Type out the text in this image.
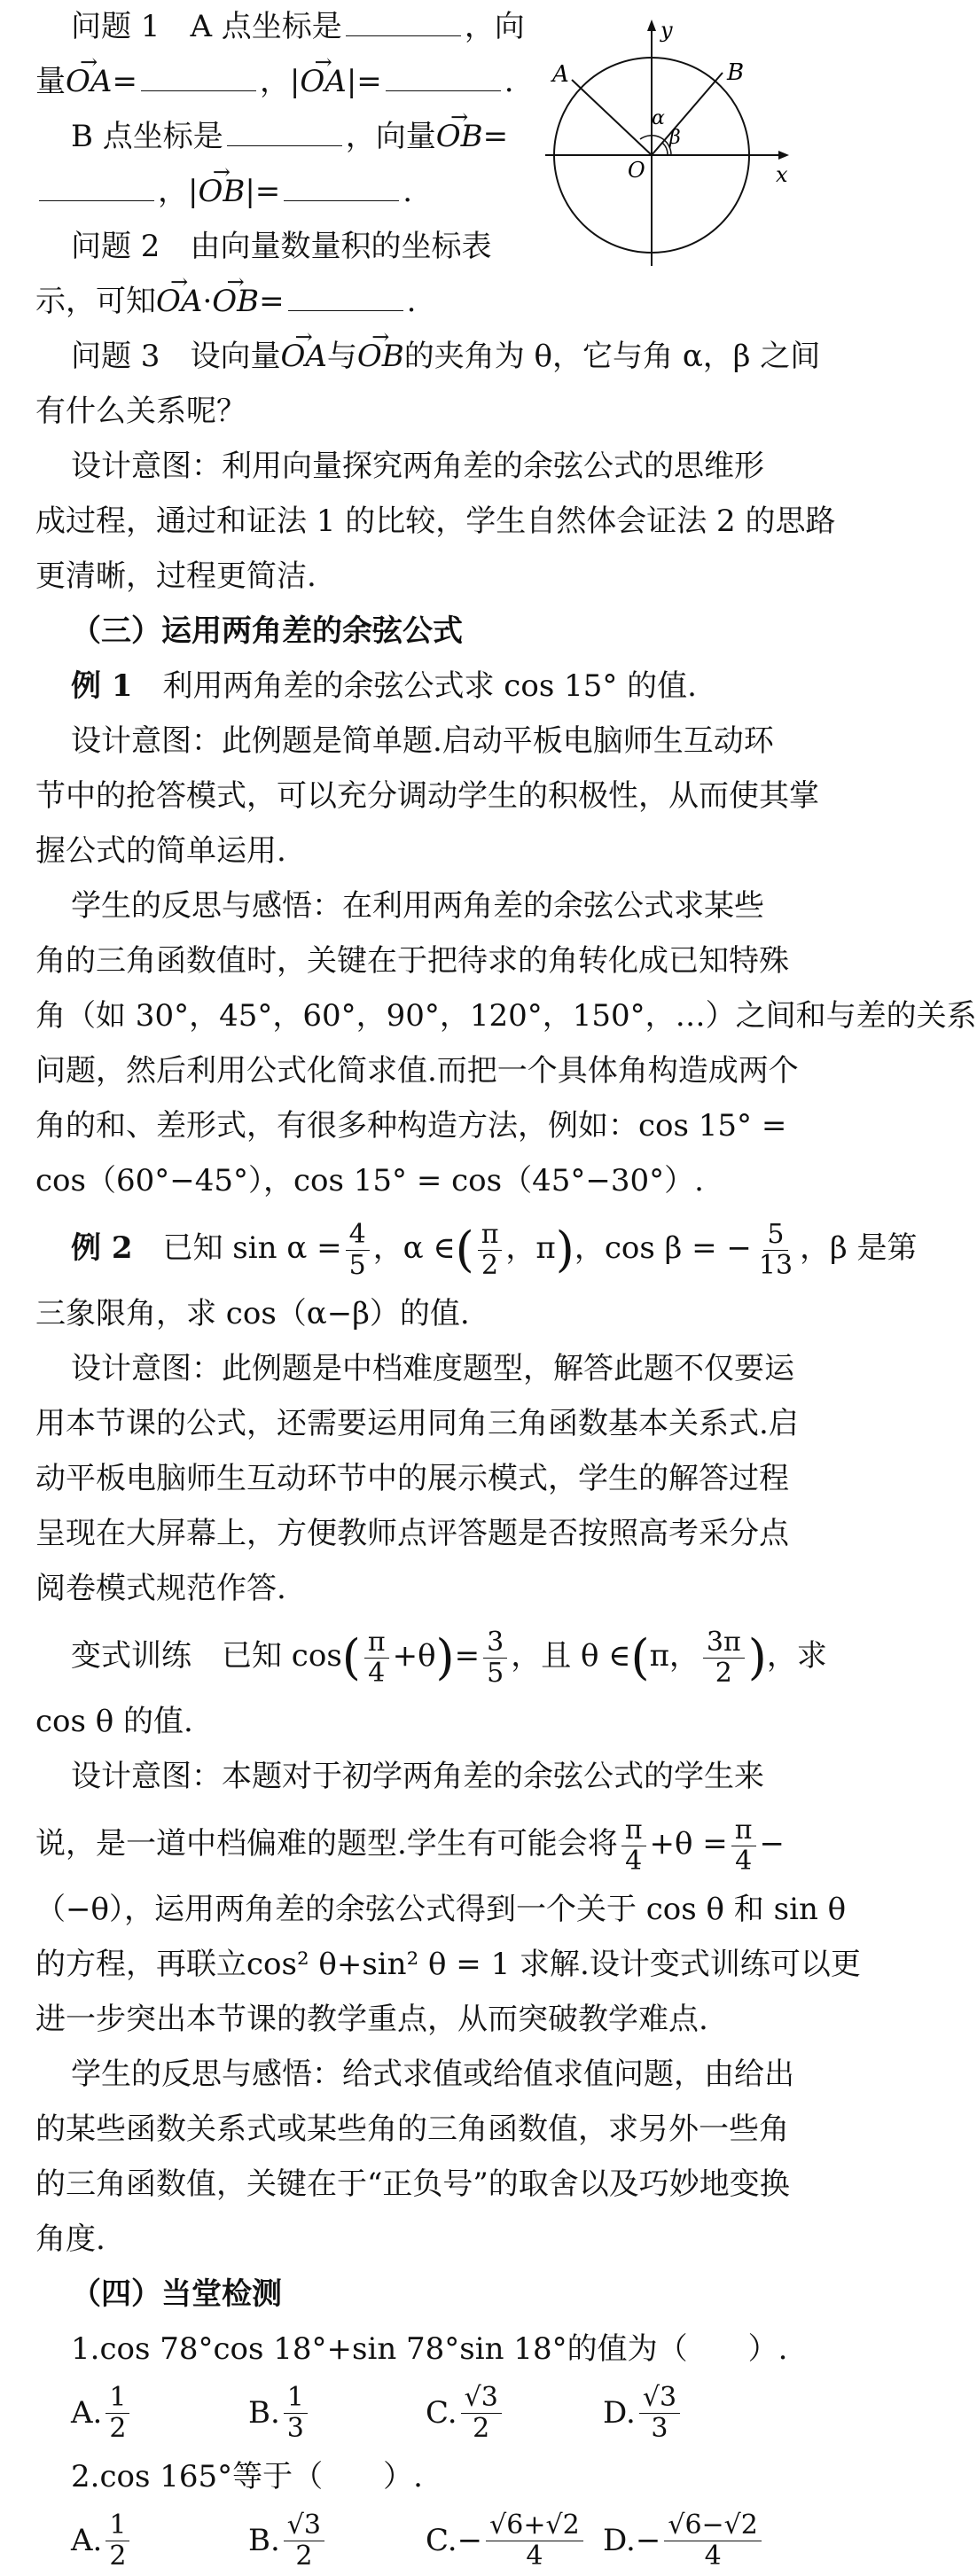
y
x
A	B
O
α
β
问题 1　A 点坐标是	，向
量→ OA=	，|→ OA|=	.
B 点坐标是	，向量→ OB=
，|→ OB|=	.
问题 2　由向量数量积的坐标表
示，可知→ OA·→ OB=	.
问题 3　设向量→ OA与→ OB的夹角为 θ，它与角 α，β 之间
有什么关系呢？
设计意图：利用向量探究两角差的余弦公式的思维形
成过程，通过和证法 1 的比较，学生自然体会证法 2 的思路
更清晰，过程更简洁.
（三）运用两角差的余弦公式
例 1　 利用两角差的余弦公式求 cos 15° 的值.
设计意图：此例题是简单题.启动平板电脑师生互动环
节中的抢答模式，可以充分调动学生的积极性，从而使其掌
握公式的简单运用.
学生的反思与感悟：在利用两角差的余弦公式求某些
角的三角函数值时，关键在于把待求的角转化成已知特殊
角（如 30°，45°，60°，90°，120°，150°，…）之间和与差的关系
问题，然后利用公式化简求值.而把一个具体角构造成两个
角的和、差形式，有很多种构造方法，例如：cos 15° =
cos（60°−45°），cos 15° = cos（45°−30°）.
例 2　 已知 $\sin \alpha = \frac{4}{5}$ ，α ∈( $\frac{\pi}{2}$ ，π)，cos β = − $\frac{5}{13}$ ，β 是第
三象限角，求 cos（α−β）的值.
设计意图：此例题是中档难度题型，解答此题不仅要运
用本节课的公式，还需要运用同角三角函数基本关系式.启
动平板电脑师生互动环节中的展示模式，学生的解答过程
呈现在大屏幕上，方便教师点评答题是否按照高考采分点
阅卷模式规范作答.
变式训练　已知 $\cos( \frac{\pi}{4} +\theta)= \frac{3}{5}$ ，且 θ ∈(π， $\frac{3\pi}{2}$ )，求
cos θ 的值.
设计意图：本题对于初学两角差的余弦公式的学生来
说，是一道中档偏难的题型.学生有可能会将 $\frac{\pi}{4} +\theta = \frac{\pi}{4}$ −
（−θ），运用两角差的余弦公式得到一个关于 cos θ 和 sin θ
的方程，再联立cos² θ+sin² θ = 1 求解.设计变式训练可以更
进一步突出本节课的教学重点，从而突破教学难点.
学生的反思与感悟：给式求值或给值求值问题，由给出
的某些函数关系式或某些角的三角函数值，求另外一些角
的三角函数值，关键在于“正负号”的取舍以及巧妙地变换
角度.
（四）当堂检测
1.cos 78°cos 18°+sin 78°sin 18°的值为（　　）.
A. $\frac{1}{2}$	B. $\frac{1}{3}$	C. $\frac{√3}{2}$	D. $\frac{√3}{3}$
2.cos 165°等于（　　）.
A. $\frac{1}{2}$	B. $\frac{√3}{2}$	$C.- \frac{√6+√2}{4} D.- \frac{√6-√2}{4}$
